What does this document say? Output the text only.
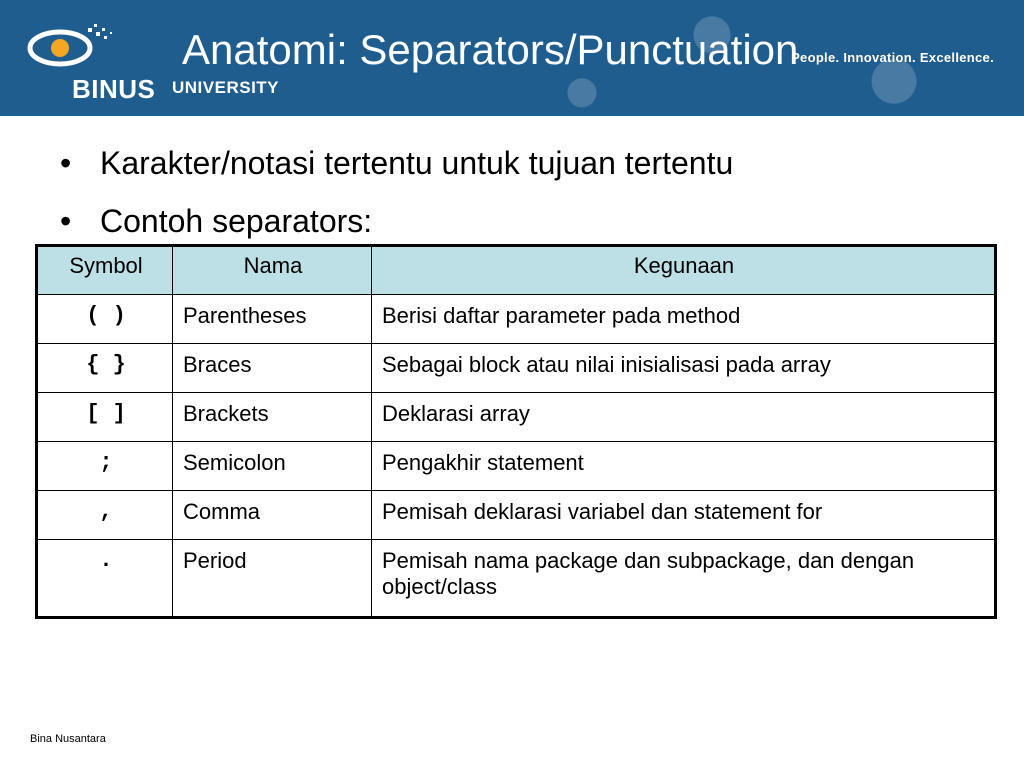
BINUS UNIVERSITY
People. Innovation. Excellence.
Anatomi: Separators/Punctuation
• Karakter/notasi tertentu untuk tujuan tertentu
• Contoh separators:
Symbol	Nama	Kegunaan
( )	Parentheses	Berisi daftar parameter pada method
{ }	Braces	Sebagai block atau nilai inisialisasi pada array
[ ]	Brackets	Deklarasi array
;	Semicolon	Pengakhir statement
,	Comma	Pemisah deklarasi variabel dan statement for
.	Period	Pemisah nama package dan subpackage, dan dengan object/class
Bina Nusantara
